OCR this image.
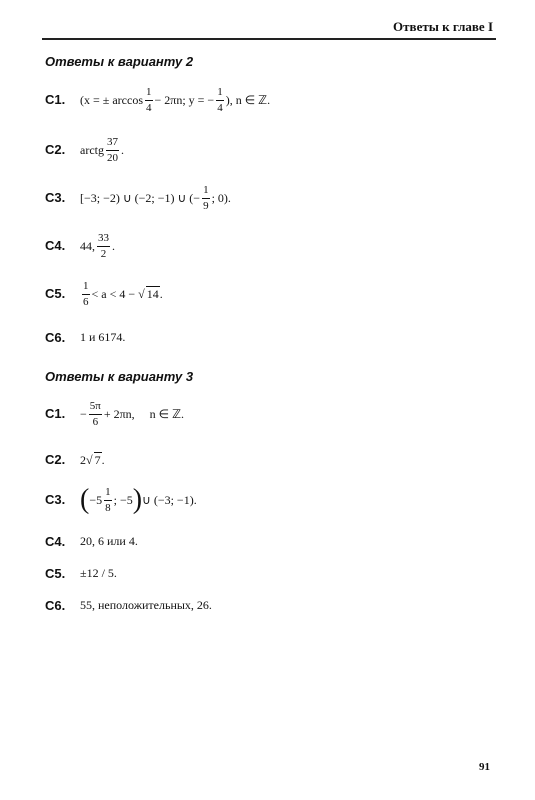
Ответы к главе I
Ответы к варианту 2
C1. (x = ± $\arccos \frac{1}{4} - 2\pi n$; y = − $\frac{1}{4}$ ), n ∈ ℤ.
C2. arctg $\frac{37}{20}$ .
C3. [−3; −2) ∪ (−2; −1) ∪ (− $\frac{1}{9}$ ; 0).
C4. 44, $\frac{33}{2}$ .
C5. $\frac{1}{6} < a < 4$ − √ 14 .
C6. 1 и 6174.
Ответы к варианту 3
C1. − $\frac{5\pi}{6} + 2\pi n$,     n ∈ ℤ.
C2. 2 √ 7 .
C3. ( $-5 \frac{1}{8}$ ; −5 ) ∪ (−3; −1).
C4. 20, 6 или 4.
C5. ±12 / 5.
C6. 55, неположительных, 26.
91
